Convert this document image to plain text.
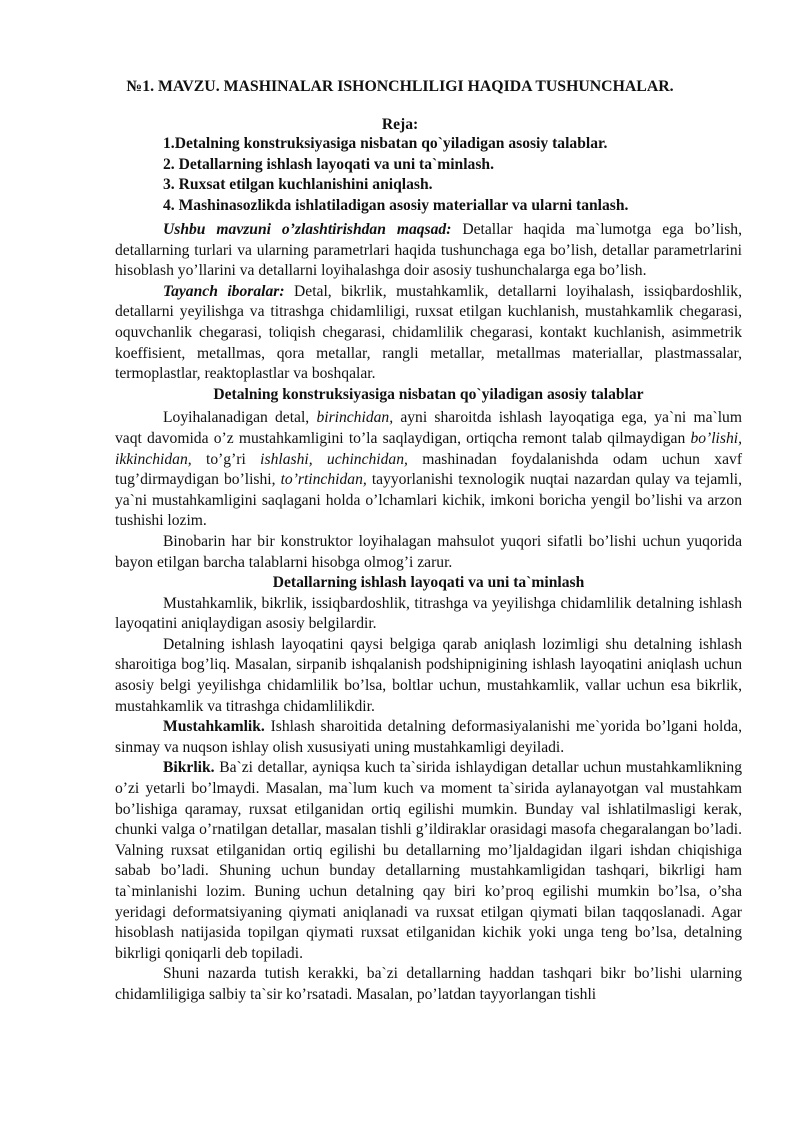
№1. MAVZU. MASHINALAR ISHONCHLILIGI HAQIDA TUSHUNCHALAR.
Reja:
1.Detalning konstruksiyasiga nisbatan qo`yiladigan asosiy talablar.
2. Detallarning ishlash layoqati va uni ta`minlash.
3. Ruxsat etilgan kuchlanishini aniqlash.
4. Mashinasozlikda ishlatiladigan asosiy materiallar va ularni tanlash.

Ushbu mavzuni o’zlashtirishdan maqsad: Detallar haqida ma`lumotga ega bo’lish, detallarning turlari va ularning parametrlari haqida tushunchaga ega bo’lish, detallar parametrlarini hisoblash yo’llarini va detallarni loyihalashga doir asosiy tushunchalarga ega bo’lish.

Tayanch iboralar: Detal, bikrlik, mustahkamlik, detallarni loyihalash, issiqbardoshlik, detallarni yeyilishga va titrashga chidamliligi, ruxsat etilgan kuchlanish, mustahkamlik chegarasi, oquvchanlik chegarasi, toliqish chegarasi, chidamlilik chegarasi, kontakt kuchlanish, asimmetrik koeffisient, metallmas, qora metallar, rangli metallar, metallmas materiallar, plastmassalar, termoplastlar, reaktoplastlar va boshqalar.

Detalning konstruksiyasiga nisbatan qo`yiladigan asosiy talablar

Loyihalanadigan detal, birinchidan, ayni sharoitda ishlash layoqatiga ega, ya`ni ma`lum vaqt davomida o’z mustahkamligini to’la saqlaydigan, ortiqcha remont talab qilmaydigan bo’lishi, ikkinchidan, to’g’ri ishlashi, uchinchidan, mashinadan foydalanishda odam uchun xavf tug’dirmaydigan bo’lishi, to’rtinchidan, tayyorlanishi texnologik nuqtai nazardan qulay va tejamli, ya`ni mustahkamligini saqlagani holda o’lchamlari kichik, imkoni boricha yengil bo’lishi va arzon tushishi lozim.

Binobarin har bir konstruktor loyihalagan mahsulot yuqori sifatli bo’lishi uchun yuqorida bayon etilgan barcha talablarni hisobga olmog’i zarur.

Detallarning ishlash layoqati va uni ta`minlash

Mustahkamlik, bikrlik, issiqbardoshlik, titrashga va yeyilishga chidamlilik detalning ishlash layoqatini aniqlaydigan asosiy belgilardir.

Detalning ishlash layoqatini qaysi belgiga qarab aniqlash lozimligi shu detalning ishlash sharoitiga bog’liq. Masalan, sirpanib ishqalanish podshipnigining ishlash layoqatini aniqlash uchun asosiy belgi yeyilishga chidamlilik bo’lsa, boltlar uchun, mustahkamlik, vallar uchun esa bikrlik, mustahkamlik va titrashga chidamlilikdir.

Mustahkamlik. Ishlash sharoitida detalning deformasiyalanishi me`yorida bo’lgani holda, sinmay va nuqson ishlay olish xususiyati uning mustahkamligi deyiladi.

Bikrlik. Ba`zi detallar, ayniqsa kuch ta`sirida ishlaydigan detallar uchun mustahkamlikning o’zi yetarli bo’lmaydi. Masalan, ma`lum kuch va moment ta`sirida aylanayotgan val mustahkam bo’lishiga qaramay, ruxsat etilganidan ortiq egilishi mumkin. Bunday val ishlatilmasligi kerak, chunki valga o’rnatilgan detallar, masalan tishli g’ildiraklar orasidagi masofa chegaralangan bo’ladi. Valning ruxsat etilganidan ortiq egilishi bu detallarning mo’ljaldagidan ilgari ishdan chiqishiga sabab bo’ladi. Shuning uchun bunday detallarning mustahkamligidan tashqari, bikrligi ham ta`minlanishi lozim. Buning uchun detalning qay biri ko’proq egilishi mumkin bo’lsa, o’sha yeridagi deformatsiyaning qiymati aniqlanadi va ruxsat etilgan qiymati bilan taqqoslanadi. Agar hisoblash natijasida topilgan qiymati ruxsat etilganidan kichik yoki unga teng bo’lsa, detalning bikrligi qoniqarli deb topiladi.

Shuni nazarda tutish kerakki, ba`zi detallarning haddan tashqari bikr bo’lishi ularning chidamliligiga salbiy ta`sir ko’rsatadi. Masalan, po’latdan tayyorlangan tishli
